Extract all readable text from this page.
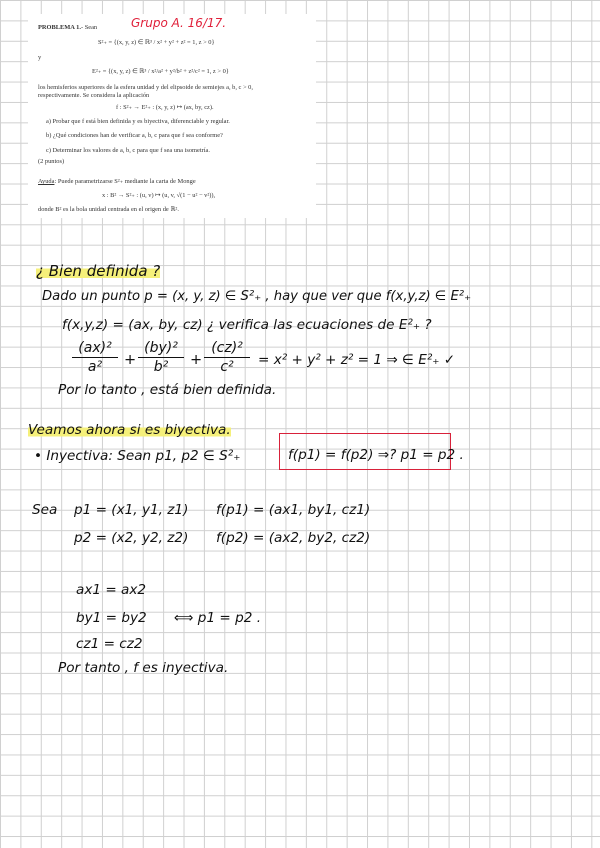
PROBLEMA 1.- Sean
S²₊ = {(x, y, z) ∈ ℝ³ / x² + y² + z² = 1, z > 0}
y
E²₊ = {(x, y, z) ∈ ℝ³ / x²/a² + y²/b² + z²/c² = 1, z > 0}
los hemisferios superiores de la esfera unidad y del elipsoide de semiejes a, b, c > 0,
respectivamente. Se considera la aplicación
f : S²₊ → E²₊ : (x, y, z) ↦ (ax, by, cz).
a) Probar que f está bien definida y es biyectiva, diferenciable y regular.
b) ¿Qué condiciones han de verificar a, b, c para que f sea conforme?
c) Determinar los valores de a, b, c para que f sea una isometría.
(2 puntos)
Ayuda: Puede parametrizarse S²₊ mediante la carta de Monge
x : B² → S²₊ : (u, v) ↦ (u, v, √(1 − u² − v²)),
donde B² es la bola unidad centrada en el origen de ℝ².
Grupo A. 16/17.
¿ Bien definida ?
Dado un punto p = (x, y, z) ∈ S²₊ , hay que ver que f(x,y,z) ∈ E²₊
f(x,y,z) = (ax, by, cz) ¿ verifica las ecuaciones de E²₊ ?
(ax)²
a²	+
(by)²
b²	+
(cz)²
c²	= x² + y² + z² = 1 ⇒ ∈ E²₊ ✓
Por lo tanto , está bien definida.
Veamos ahora si es biyectiva.
• Inyectiva: Sean p1, p2 ∈ S²₊	f(p1) = f(p2) ⇒? p1 = p2 .
Sea p1 = (x1, y1, z1) f(p1) = (ax1, by1, cz1)
p2 = (x2, y2, z2) f(p2) = (ax2, by2, cz2)
ax1 = ax2
by1 = by2 ⟺ p1 = p2 .
cz1 = cz2
Por tanto , f es inyectiva.
